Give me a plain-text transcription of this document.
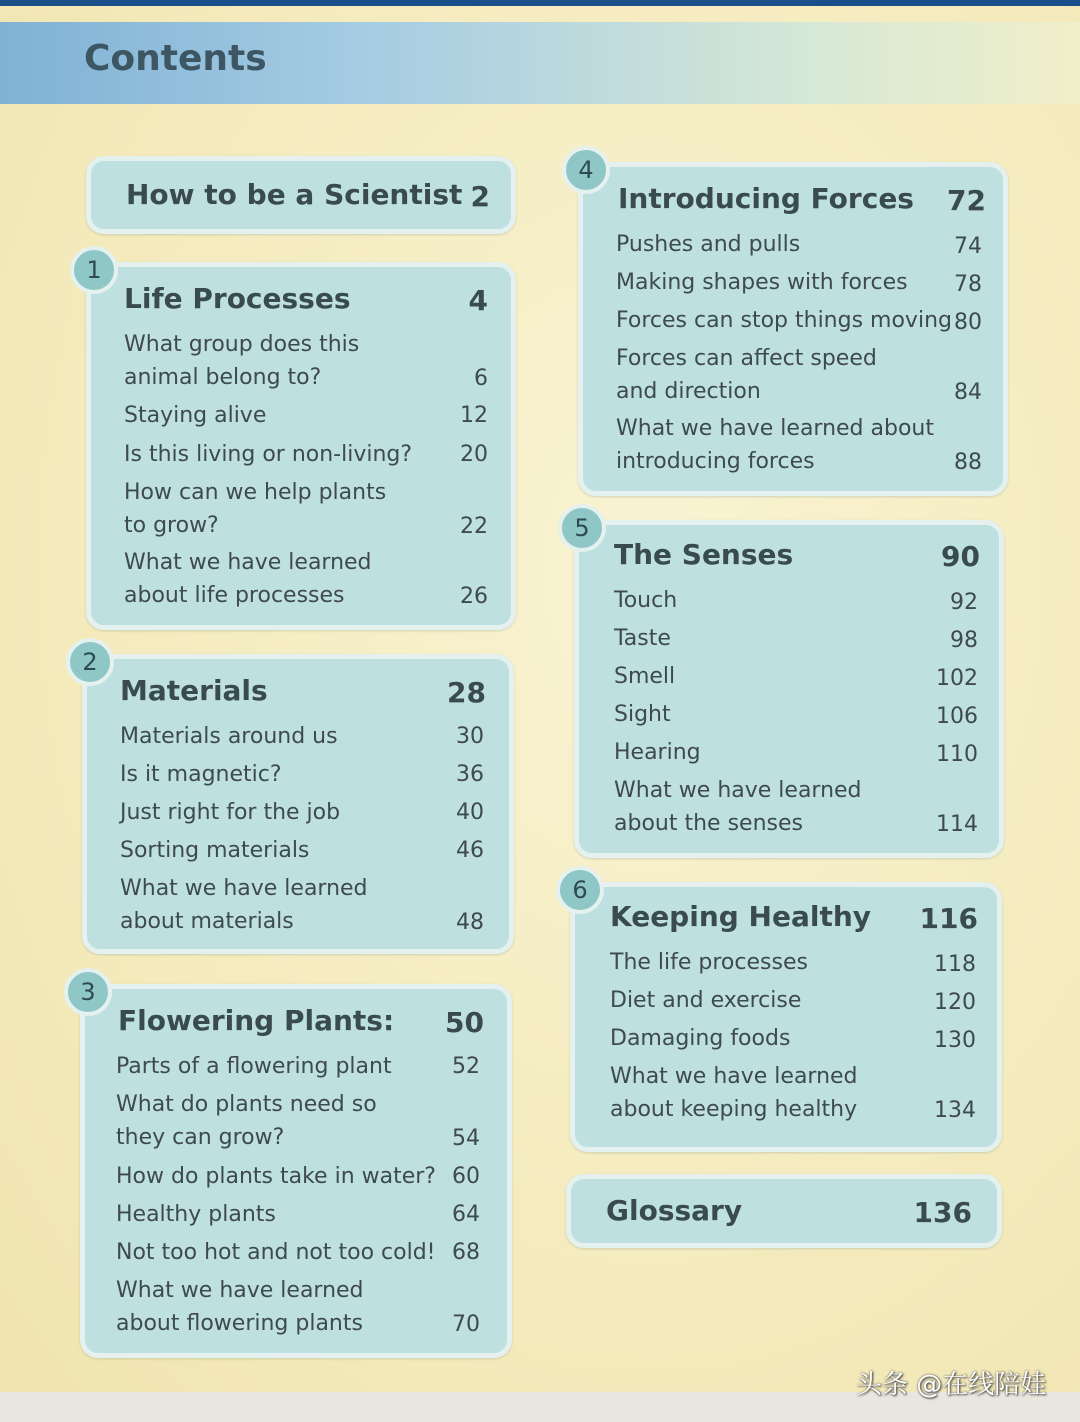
Contents
How to be a Scientist 2
1
Life Processes	4
What group does this
animal belong to?	6
Staying alive	12
Is this living or non-living?	20
How can we help plants
to grow?	22
What we have learned
about life processes	26
2
Materials	28
Materials around us	30
Is it magnetic?	36
Just right for the job	40
Sorting materials	46
What we have learned
about materials	48
3
Flowering Plants:	50
Parts of a flowering plant	52
What do plants need so
they can grow?	54
How do plants take in water? 60
Healthy plants	64
Not too hot and not too cold! 68
What we have learned
about flowering plants	70
4
Introducing Forces	72
Pushes and pulls	74
Making shapes with forces	78
Forces can stop things moving 80
Forces can affect speed
and direction	84
What we have learned about
introducing forces	88
5
The Senses	90
Touch	92
Taste	98
Smell	102
Sight	106
Hearing	110
What we have learned
about the senses	114
6
Keeping Healthy 116
The life processes	118
Diet and exercise	120
Damaging foods	130
What we have learned
about keeping healthy	134
Glossary	136
头条 @在线陪娃
